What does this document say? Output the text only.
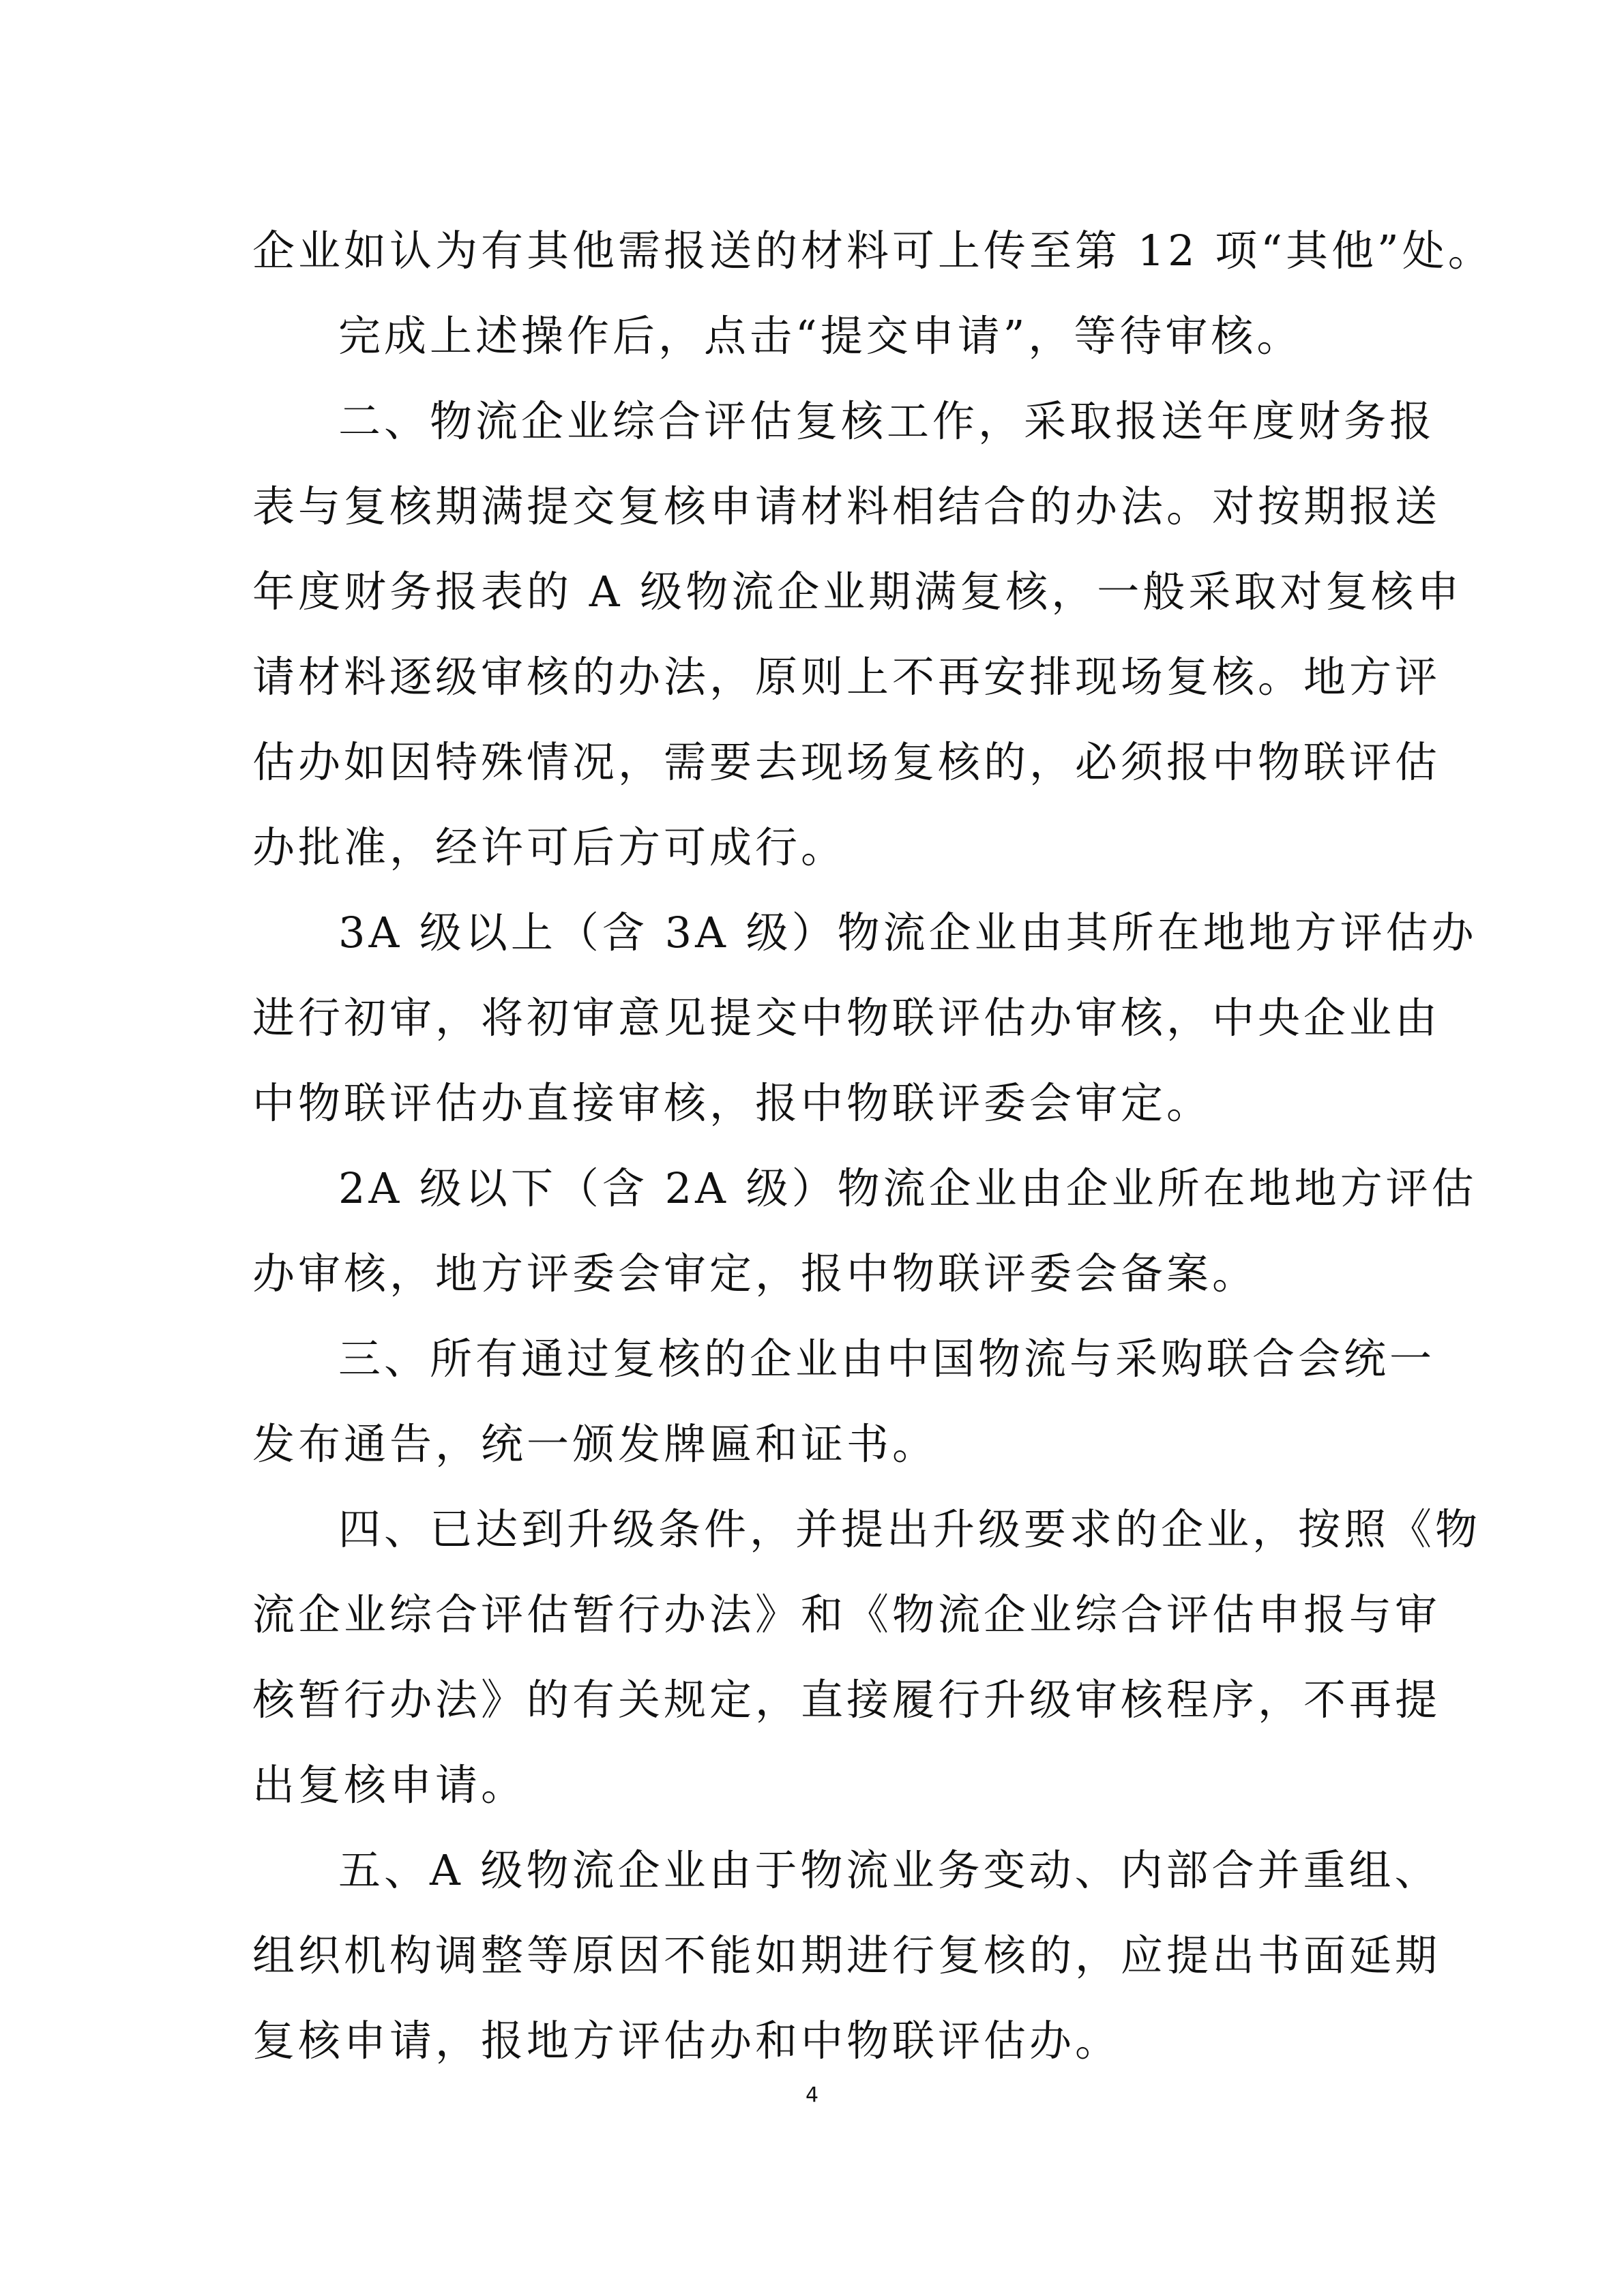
企业如认为有其他需报送的材料可上传至第 12 项“其他”处。
完成上述操作后，点击“提交申请”，等待审核。
二、物流企业综合评估复核工作，采取报送年度财务报
表与复核期满提交复核申请材料相结合的办法。对按期报送
年度财务报表的 A 级物流企业期满复核，一般采取对复核申
请材料逐级审核的办法，原则上不再安排现场复核。地方评
估办如因特殊情况，需要去现场复核的，必须报中物联评估
办批准，经许可后方可成行。
3A 级以上（含 3A 级）物流企业由其所在地地方评估办
进行初审，将初审意见提交中物联评估办审核，中央企业由
中物联评估办直接审核，报中物联评委会审定。
2A 级以下（含 2A 级）物流企业由企业所在地地方评估
办审核，地方评委会审定，报中物联评委会备案。
三、所有通过复核的企业由中国物流与采购联合会统一
发布通告，统一颁发牌匾和证书。
四、已达到升级条件，并提出升级要求的企业，按照《物
流企业综合评估暂行办法》和《物流企业综合评估申报与审
核暂行办法》的有关规定，直接履行升级审核程序，不再提
出复核申请。
五、A 级物流企业由于物流业务变动、内部合并重组、
组织机构调整等原因不能如期进行复核的，应提出书面延期
复核申请，报地方评估办和中物联评估办。
4
